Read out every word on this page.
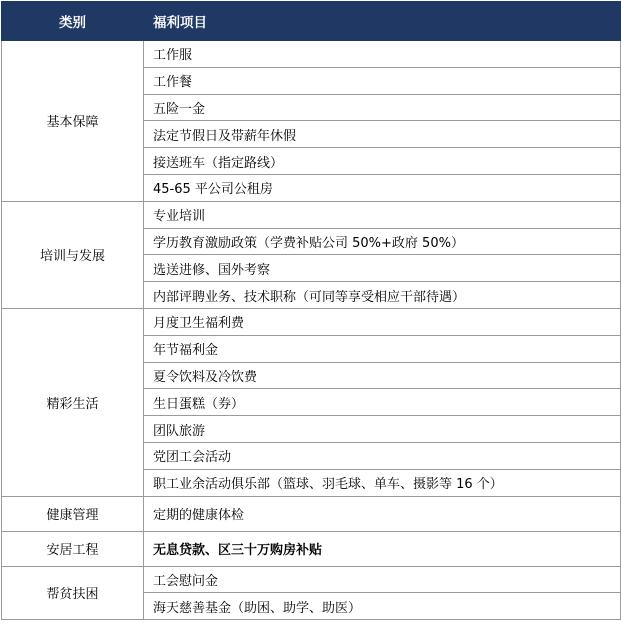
类别	福利项目
基本保障	工作服
	工作餐
	五险一金
	法定节假日及带薪年休假
	接送班车（指定路线）
	45-65 平公司公租房
培训与发展	专业培训
	学历教育激励政策（学费补贴公司 50%+政府 50%）
	选送进修、国外考察
	内部评聘业务、技术职称（可同等享受相应干部待遇）
精彩生活	月度卫生福利费
	年节福利金
	夏令饮料及冷饮费
	生日蛋糕（券）
	团队旅游
	党团工会活动
	职工业余活动俱乐部（篮球、羽毛球、单车、摄影等 16 个）
健康管理	定期的健康体检
安居工程	无息贷款、区三十万购房补贴
帮贫扶困	工会慰问金
	海天慈善基金（助困、助学、助医）
